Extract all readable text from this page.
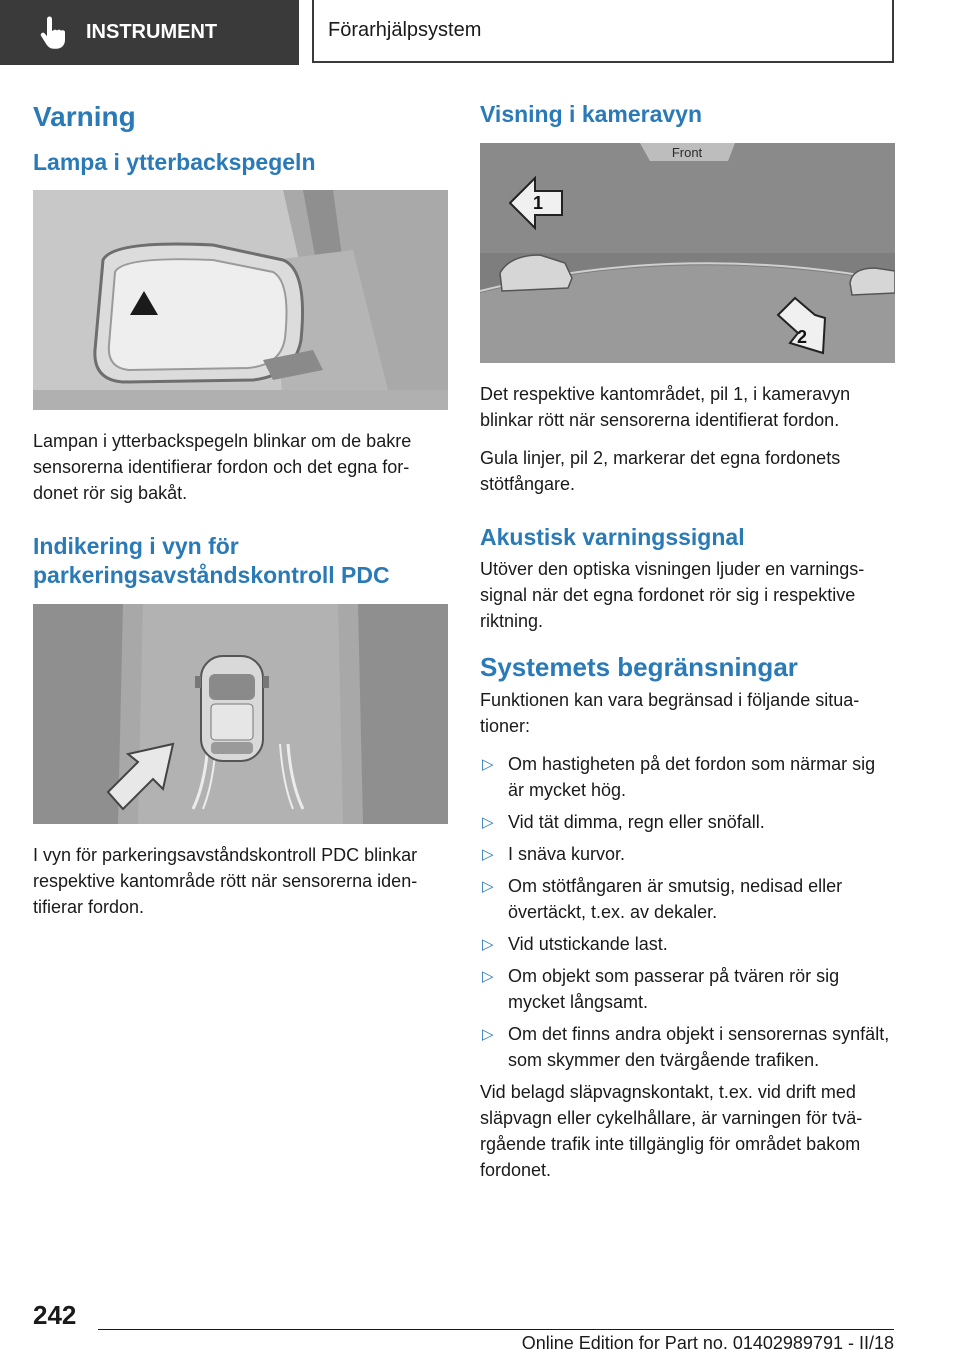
INSTRUMENT	Förarhjälpsystem
Varning
Lampa i ytterbackspegeln

Lampan i ytterbackspegeln blinkar om de bakre sensorerna identifierar fordon och det egna fordonet rör sig bakåt.

Indikering i vyn för parkeringsavståndskontroll PDC

I vyn för parkeringsavståndskontroll PDC blinkar respektive kantområde rött när sensorerna identifierar fordon.

Visning i kameravyn
Front
1
2

Det respektive kantområdet, pil 1, i kameravyn blinkar rött när sensorerna identifierat fordon.

Gula linjer, pil 2, markerar det egna fordonets stötfångare.

Akustisk varningssignal

Utöver den optiska visningen ljuder en varningssignal när det egna fordonet rör sig i respektive riktning.

Systemets begränsningar

Funktionen kan vara begränsad i följande situationer:

▷ Om hastigheten på det fordon som närmar sig är mycket hög.
▷ Vid tät dimma, regn eller snöfall.
▷ I snäva kurvor.
▷ Om stötfångaren är smutsig, nedisad eller övertäckt, t.ex. av dekaler.
▷ Vid utstickande last.
▷ Om objekt som passerar på tvären rör sig mycket långsamt.
▷ Om det finns andra objekt i sensorernas synfält, som skymmer den tvärgående trafiken.

Vid belagd släpvagnskontakt, t.ex. vid drift med släpvagn eller cykelhållare, är varningen för tvärgående trafik inte tillgänglig för området bakom fordonet.

242
Online Edition for Part no. 01402989791 - II/18
